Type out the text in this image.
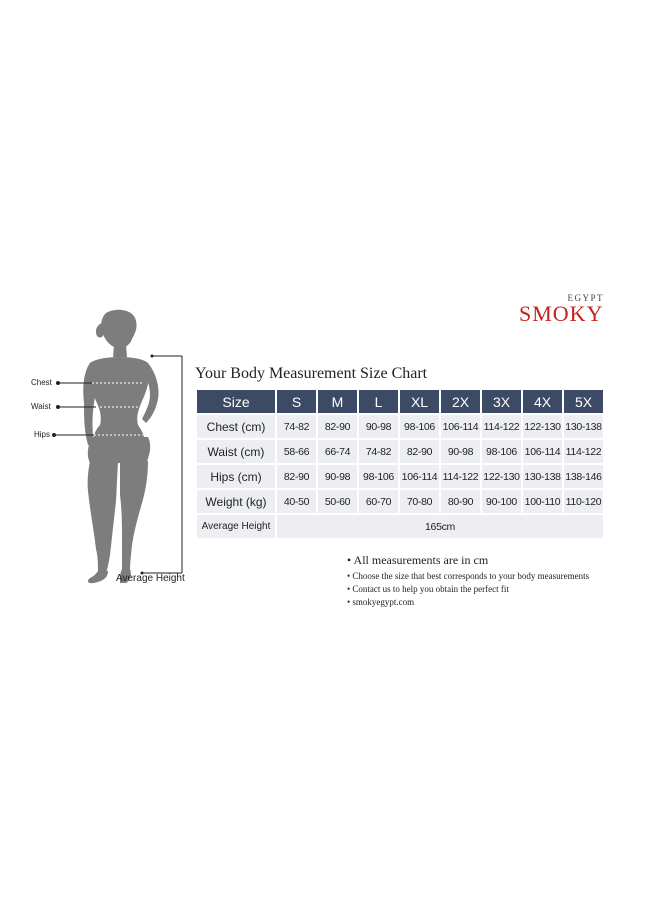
EGYPT
SMOKY
Chest
Waist
Hips
Average Height
Your Body Measurement Size Chart
Size	S	M	L	XL	2X	3X	4X	5X
Chest (cm)	74-82	82-90	90-98	98-106	106-114	114-122	122-130	130-138
Waist (cm)	58-66	66-74	74-82	82-90	90-98	98-106	106-114	114-122
Hips (cm)	82-90	90-98	98-106	106-114	114-122	122-130	130-138	138-146
Weight (kg)	40-50	50-60	60-70	70-80	80-90	90-100	100-110	110-120
Average Height	165cm							
• All measurements are in cm
• Choose the size that best corresponds to your body measurements
• Contact us to help you obtain the perfect fit
• smokyegypt.com
